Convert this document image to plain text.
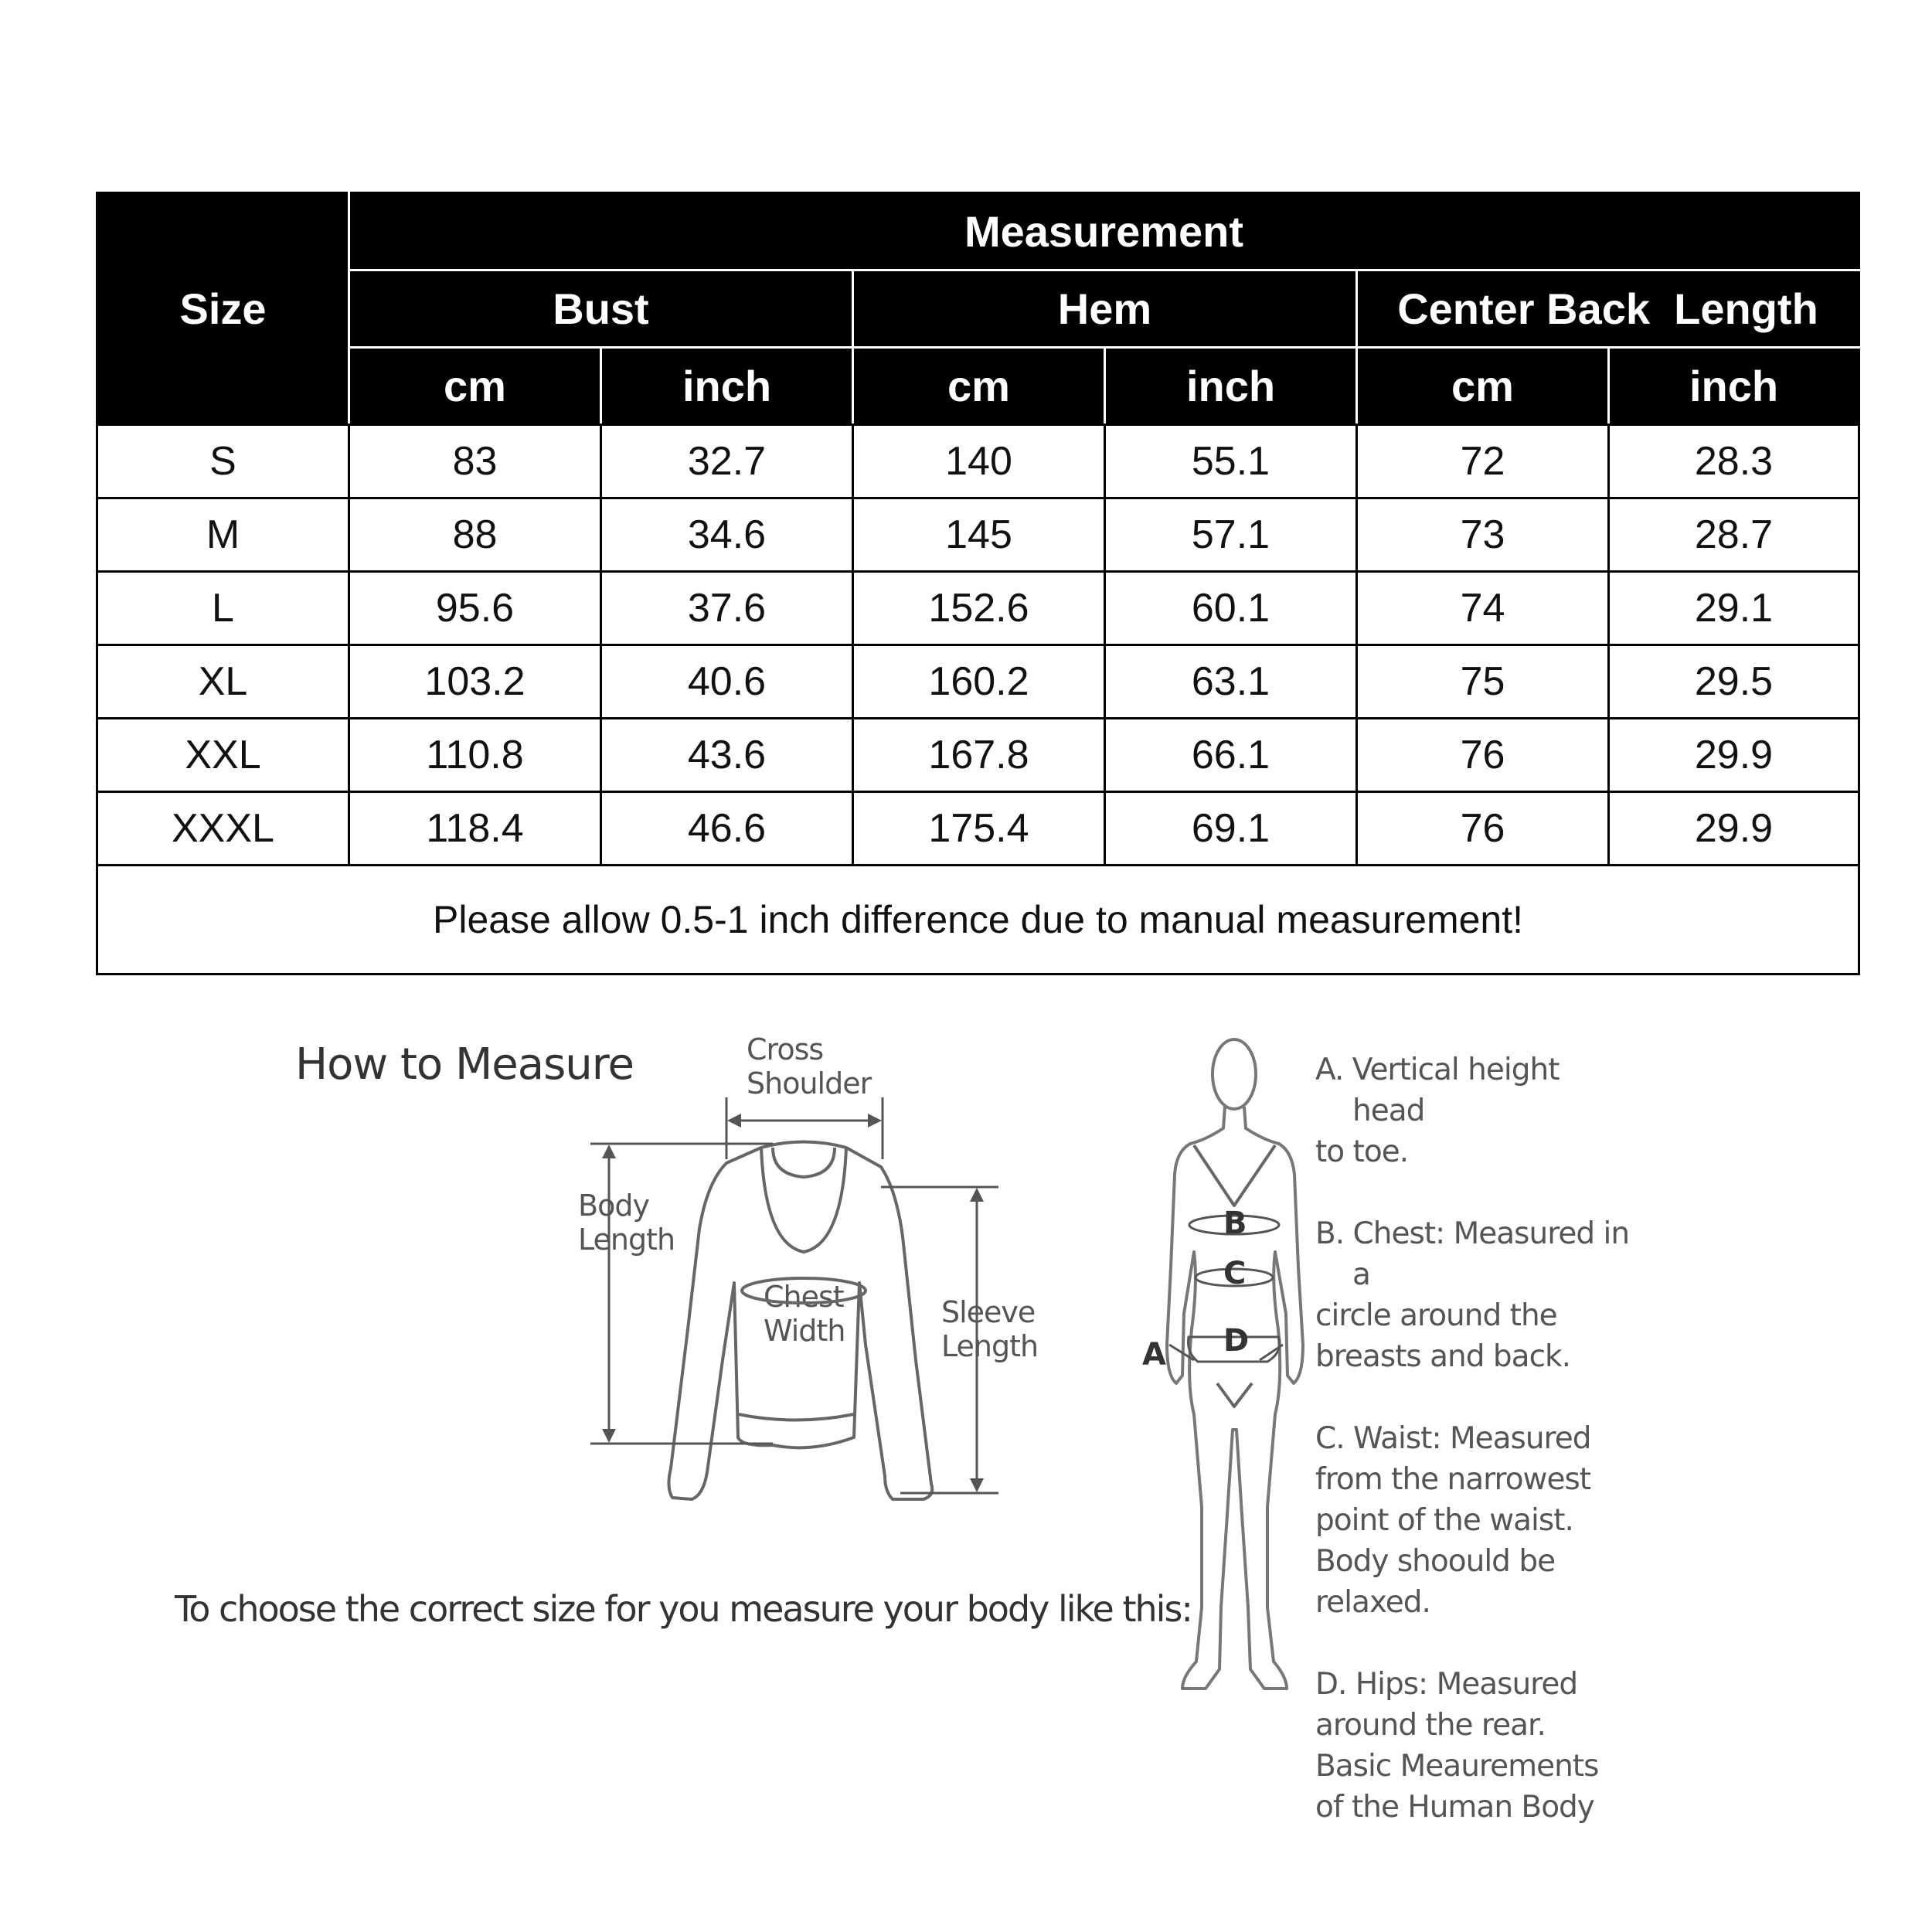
Size	Measurement					
	Bust		Hem		Center Back  Length	
	cm	inch	cm	inch	cm	inch
S	83	32.7	140	55.1	72	28.3
M	88	34.6	145	57.1	73	28.7
L	95.6	37.6	152.6	60.1	74	29.1
XL	103.2	40.6	160.2	63.1	75	29.5
XXL	110.8	43.6	167.8	66.1	76	29.9
XXXL	118.4	46.6	175.4	69.1	76	29.9
Please allow 0.5-1 inch difference due to manual measurement!						
How to Measure
To choose the correct size for you measure your body like this:
Cross
Shoulder
Body
Length
Chest
Width
Sleeve
Length
B
C
D
A

A. Vertical height head
to toe.

B. Chest: Measured in a
circle around the
breasts and back.

C. Waist: Measured
from the narrowest
point of the waist.
Body shoould be
relaxed.

D. Hips: Measured
around the rear.
Basic Meaurements
of the Human Body
